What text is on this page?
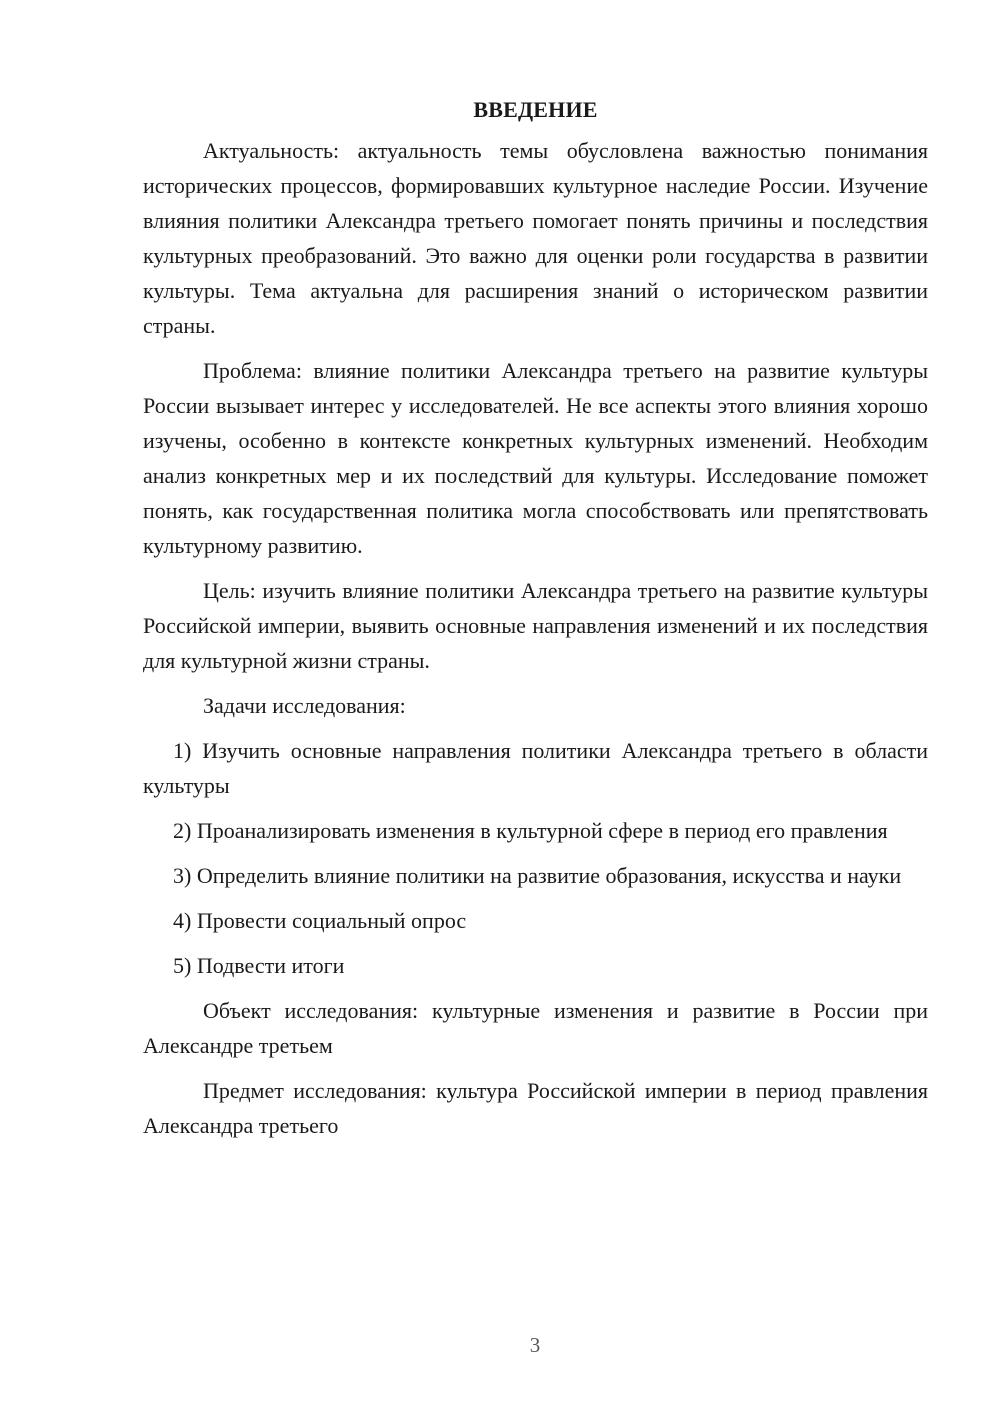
ВВЕДЕНИЕ

Актуальность: актуальность темы обусловлена важностью понимания исторических процессов, формировавших культурное наследие России. Изучение влияния политики Александра третьего помогает понять причины и последствия культурных преобразований. Это важно для оценки роли государства в развитии культуры. Тема актуальна для расширения знаний о историческом развитии страны.

Проблема: влияние политики Александра третьего на развитие культуры России вызывает интерес у исследователей. Не все аспекты этого влияния хорошо изучены, особенно в контексте конкретных культурных изменений. Необходим анализ конкретных мер и их последствий для культуры. Исследование поможет понять, как государственная политика могла способствовать или препятствовать культурному развитию.

Цель: изучить влияние политики Александра третьего на развитие культуры Российской империи, выявить основные направления изменений и их последствия для культурной жизни страны.

Задачи исследования:

1) Изучить основные направления политики Александра третьего в области культуры

2) Проанализировать изменения в культурной сфере в период его правления

3) Определить влияние политики на развитие образования, искусства и науки

4) Провести социальный опрос

5) Подвести итоги

Объект исследования: культурные изменения и развитие в России при Александре третьем

Предмет исследования: культура Российской империи в период правления Александра третьего

3
